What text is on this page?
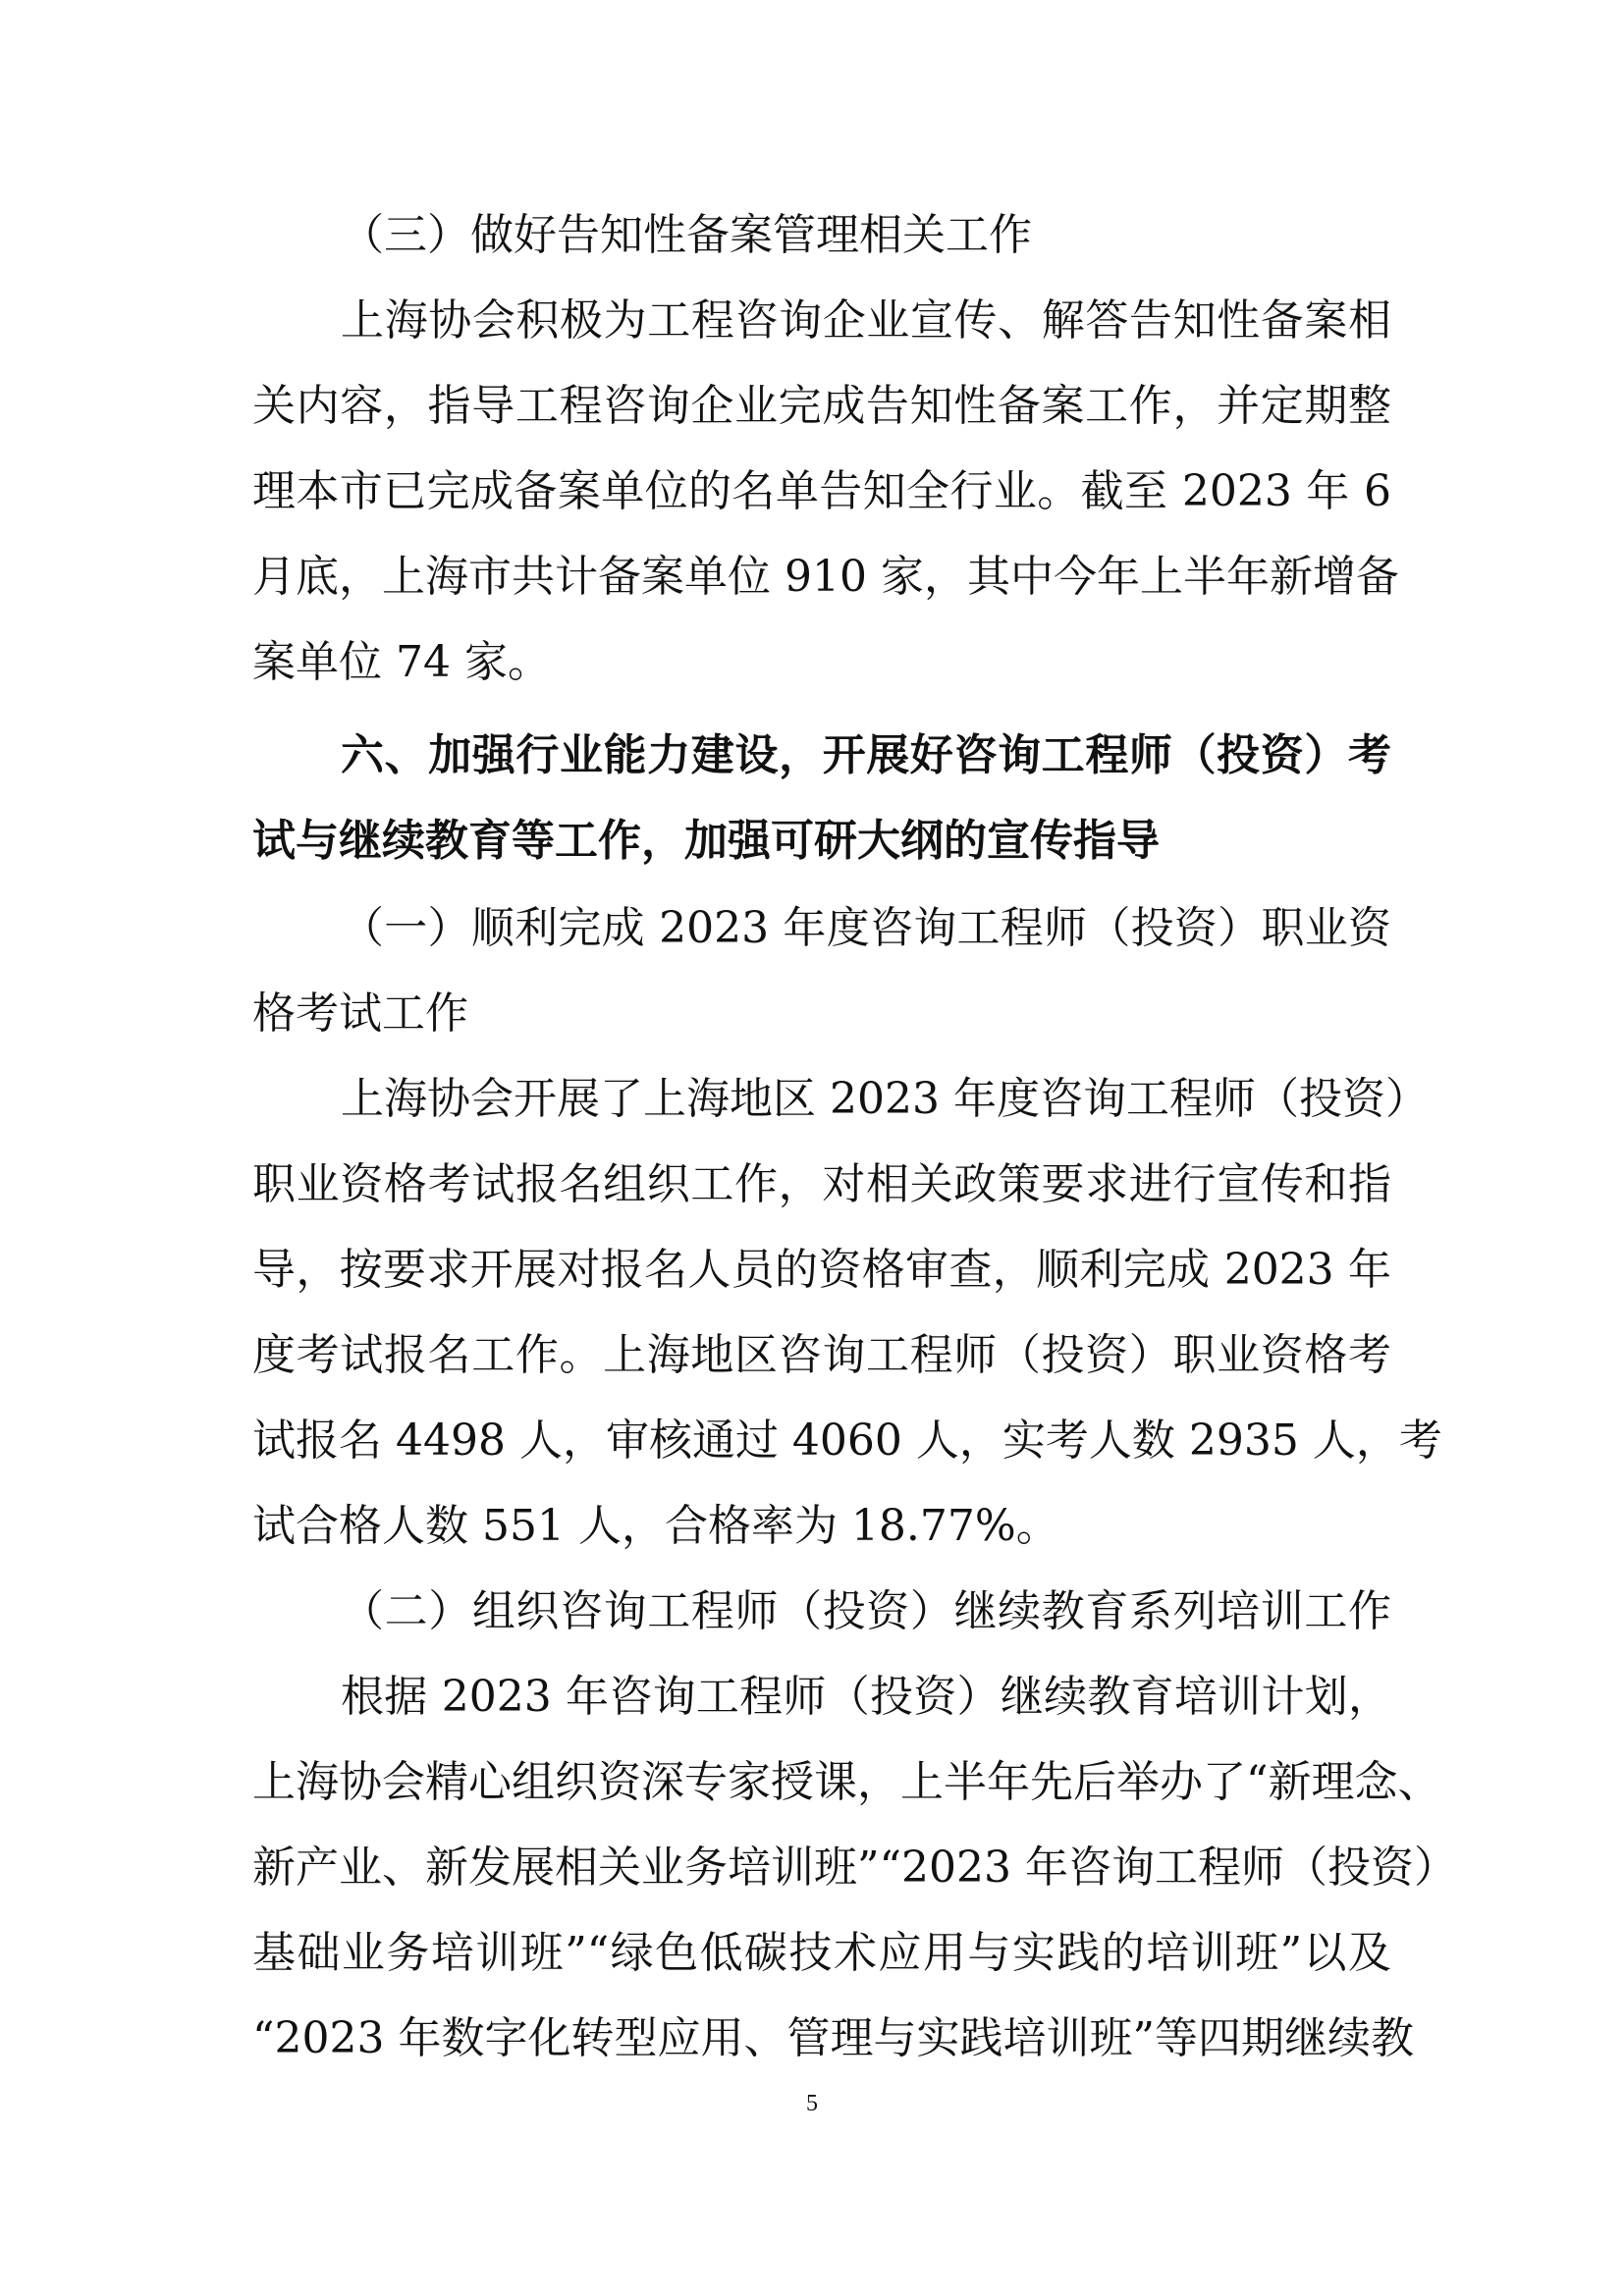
（三）做好告知性备案管理相关工作
上海协会积极为工程咨询企业宣传、解答告知性备案相
关内容，指导工程咨询企业完成告知性备案工作，并定期整
理本市已完成备案单位的名单告知全行业。截至 2023 年 6
月底，上海市共计备案单位 910 家，其中今年上半年新增备
案单位 74 家。
六、加强行业能力建设，开展好咨询工程师（投资）考
试与继续教育等工作，加强可研大纲的宣传指导
（一）顺利完成 2023 年度咨询工程师（投资）职业资
格考试工作
上海协会开展了上海地区 2023 年度咨询工程师（投资）
职业资格考试报名组织工作，对相关政策要求进行宣传和指
导，按要求开展对报名人员的资格审查，顺利完成 2023 年
度考试报名工作。上海地区咨询工程师（投资）职业资格考
试报名 4498 人，审核通过 4060 人，实考人数 2935 人，考
试合格人数 551 人，合格率为 18.77%。
（二）组织咨询工程师（投资）继续教育系列培训工作
根据 2023 年咨询工程师（投资）继续教育培训计划，
上海协会精心组织资深专家授课，上半年先后举办了“新理念、
新产业、新发展相关业务培训班”“2023 年咨询工程师（投资）
基础业务培训班”“绿色低碳技术应用与实践的培训班”以及
“2023 年数字化转型应用、管理与实践培训班”等四期继续教
5
